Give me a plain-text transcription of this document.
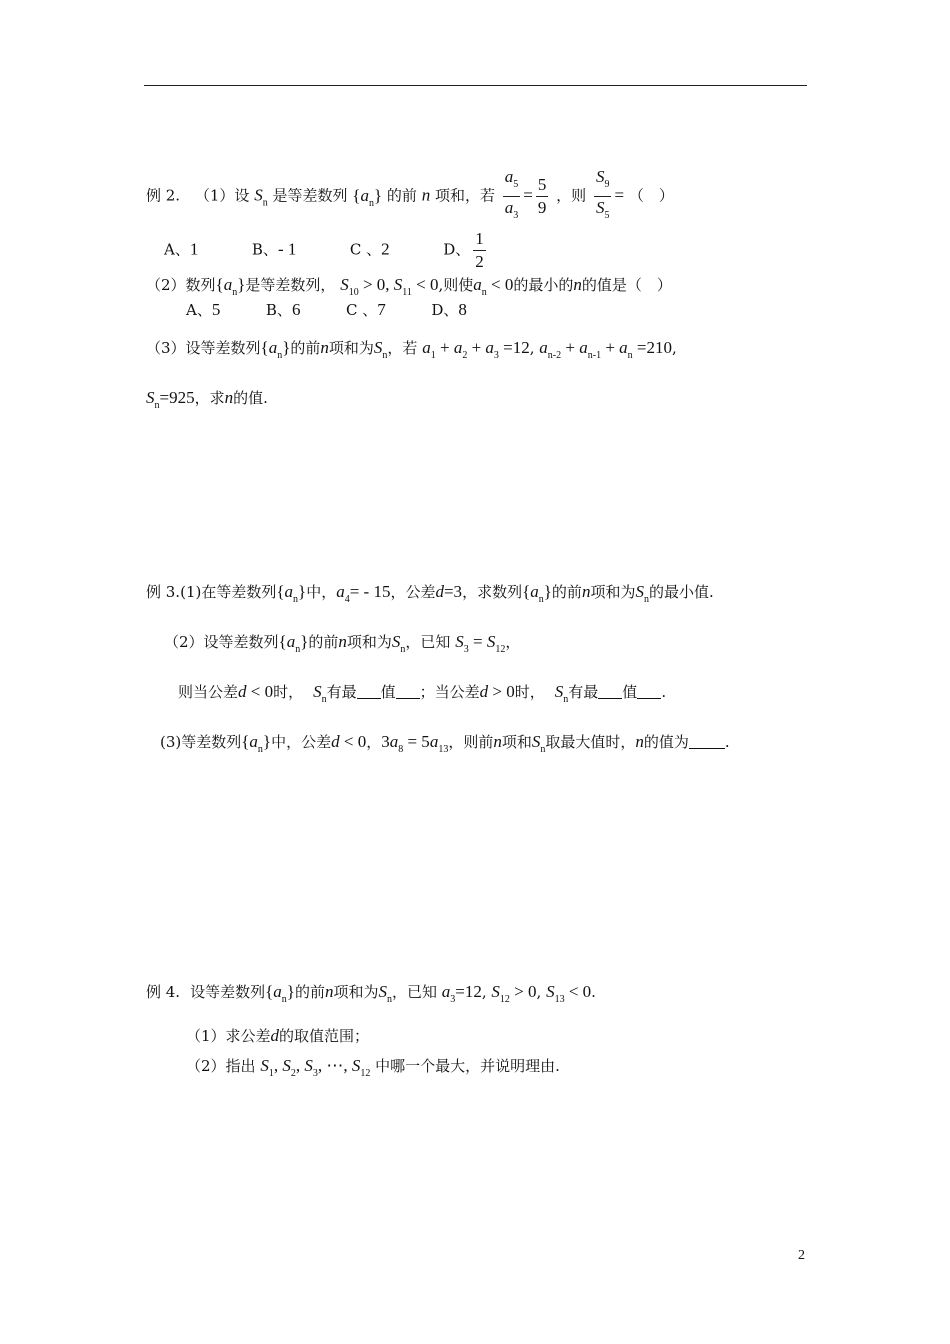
例 2. （1）设 $S_n$ 是等差数列 $\{a_n\}$ 的前 n 项和，若 $\frac{a_5}{a_3} = \frac{5}{9}$ ，则 $\frac{S_9}{S_5}$ = （　）
A、1	B、- 1	C 、2	D、 $\frac{1}{2}$
（2）数列$\{a_n\}$是等差数列， $S_{10} > 0$, $S_{11} < 0$,则使$a_n < 0$的最小的n的值是（　）
A、5	B、6	C 、7	D、8
（3）设等差数列$\{a_n\}$的前n项和为$S_n$，若 $a_1 + a_2 + a_3 =12$, $a_{n-2} + a_{n-1} + a_n =210$,
$S_n=925$，求n的值.
例 3.(1)在等差数列$\{a_n\}$中，$a_4= - 15$，公差d=3，求数列$\{a_n\}$的前n项和为$S_n$的最小值.
（2）设等差数列$\{a_n\}$的前n项和为$S_n$，已知 $S_3 = S_{12}$，
则当公差d < 0时， $S_n$有最 值 ；当公差d > 0时， $S_n$有最 值 .
(3)等差数列$\{a_n\}$中，公差d < 0，$3a_8 = 5a_{13}$，则前n项和$S_n$取最大值时，n的值为 .
例 4. 设等差数列$\{a_n\}$的前n项和为$S_n$，已知 $a_3=12$, $S_{12} > 0$, $S_{13} < 0$.
（1）求公差d的取值范围；
（2）指出 $S_1$, $S_2$, $S_3$, ⋯, $S_{12}$ 中哪一个最大，并说明理由.
2
